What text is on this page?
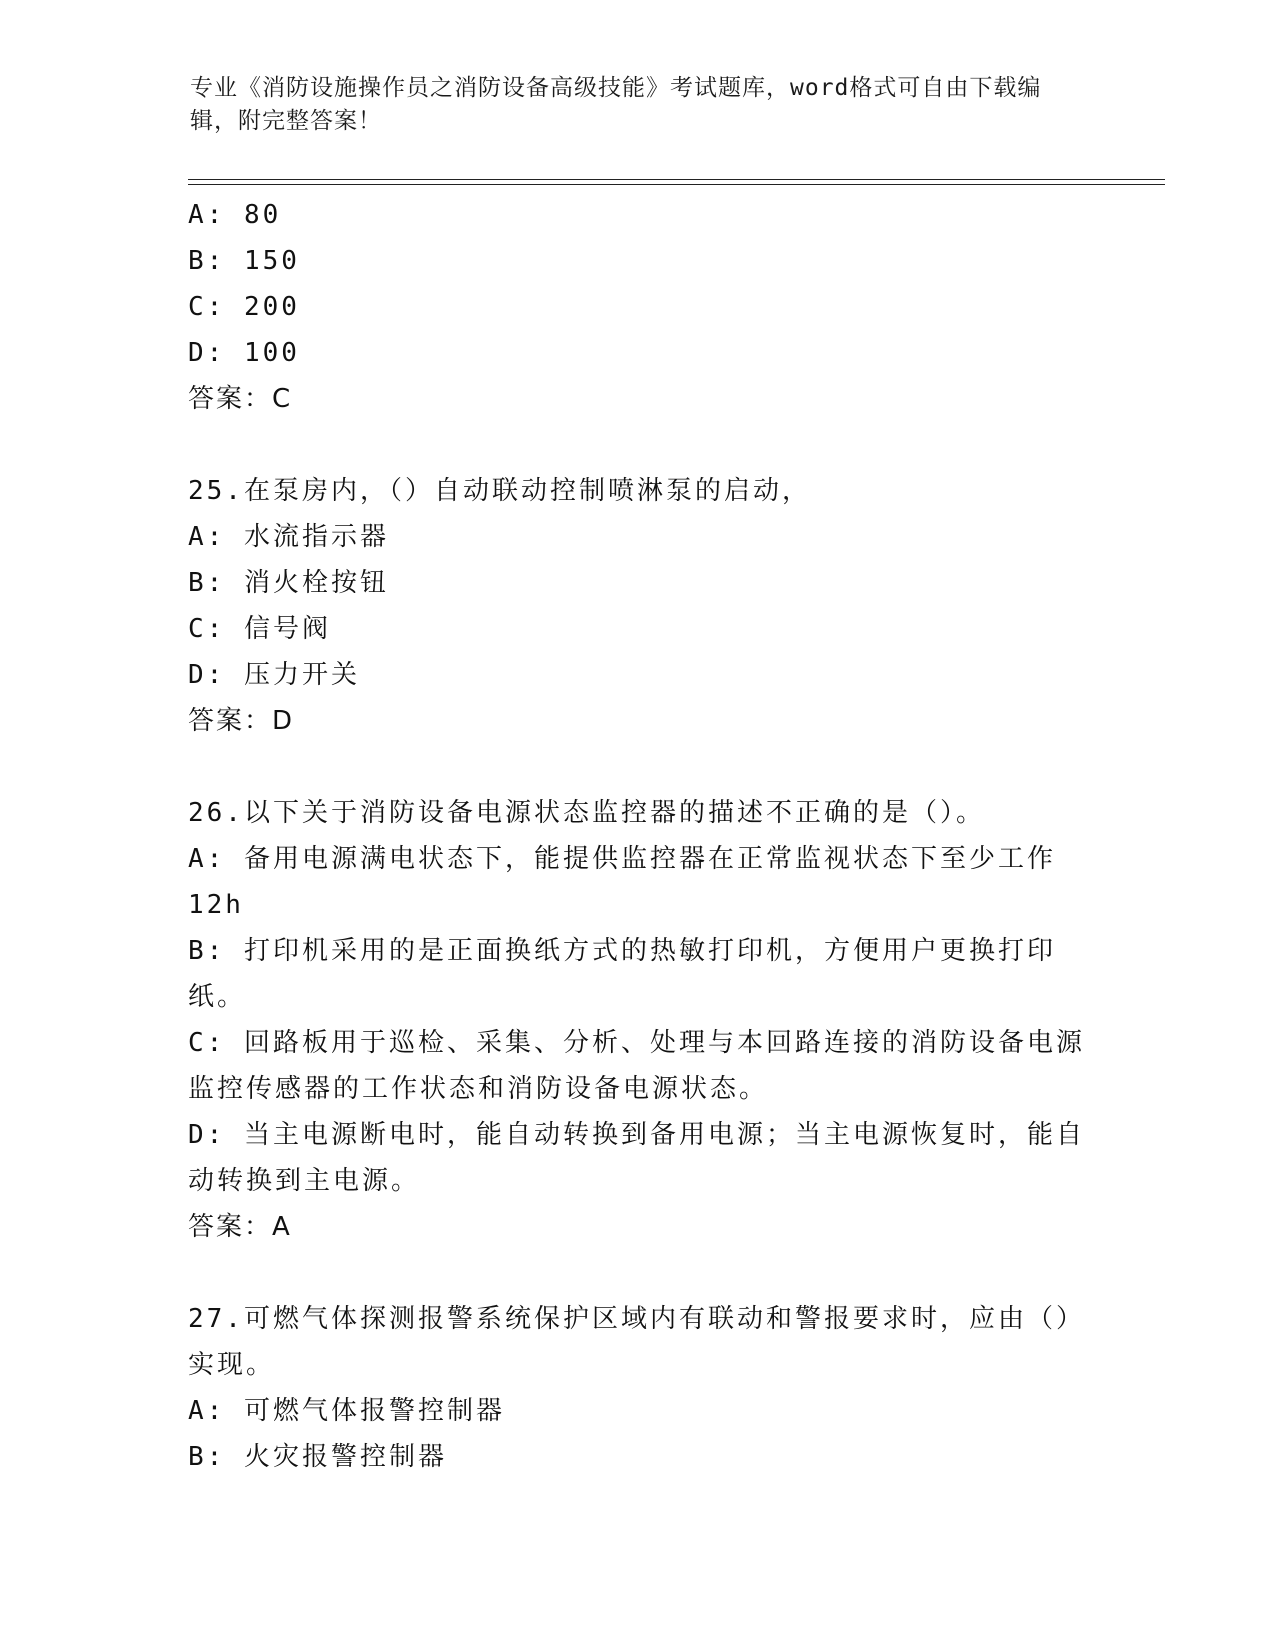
专业《消防设施操作员之消防设备高级技能》考试题库，word格式可自由下载编辑，附完整答案！
A: 80
B: 150
C: 200
D: 100
答案：C
25.在泵房内，（）自动联动控制喷淋泵的启动，
A: 水流指示器
B: 消火栓按钮
C: 信号阀
D: 压力开关
答案：D
26.以下关于消防设备电源状态监控器的描述不正确的是（）。
A: 备用电源满电状态下，能提供监控器在正常监视状态下至少工作12h
B: 打印机采用的是正面换纸方式的热敏打印机，方便用户更换打印纸。
C: 回路板用于巡检、采集、分析、处理与本回路连接的消防设备电源监控传感器的工作状态和消防设备电源状态。
D: 当主电源断电时，能自动转换到备用电源；当主电源恢复时，能自动转换到主电源。
答案：A
27.可燃气体探测报警系统保护区域内有联动和警报要求时，应由（）实现。
A: 可燃气体报警控制器
B: 火灾报警控制器
